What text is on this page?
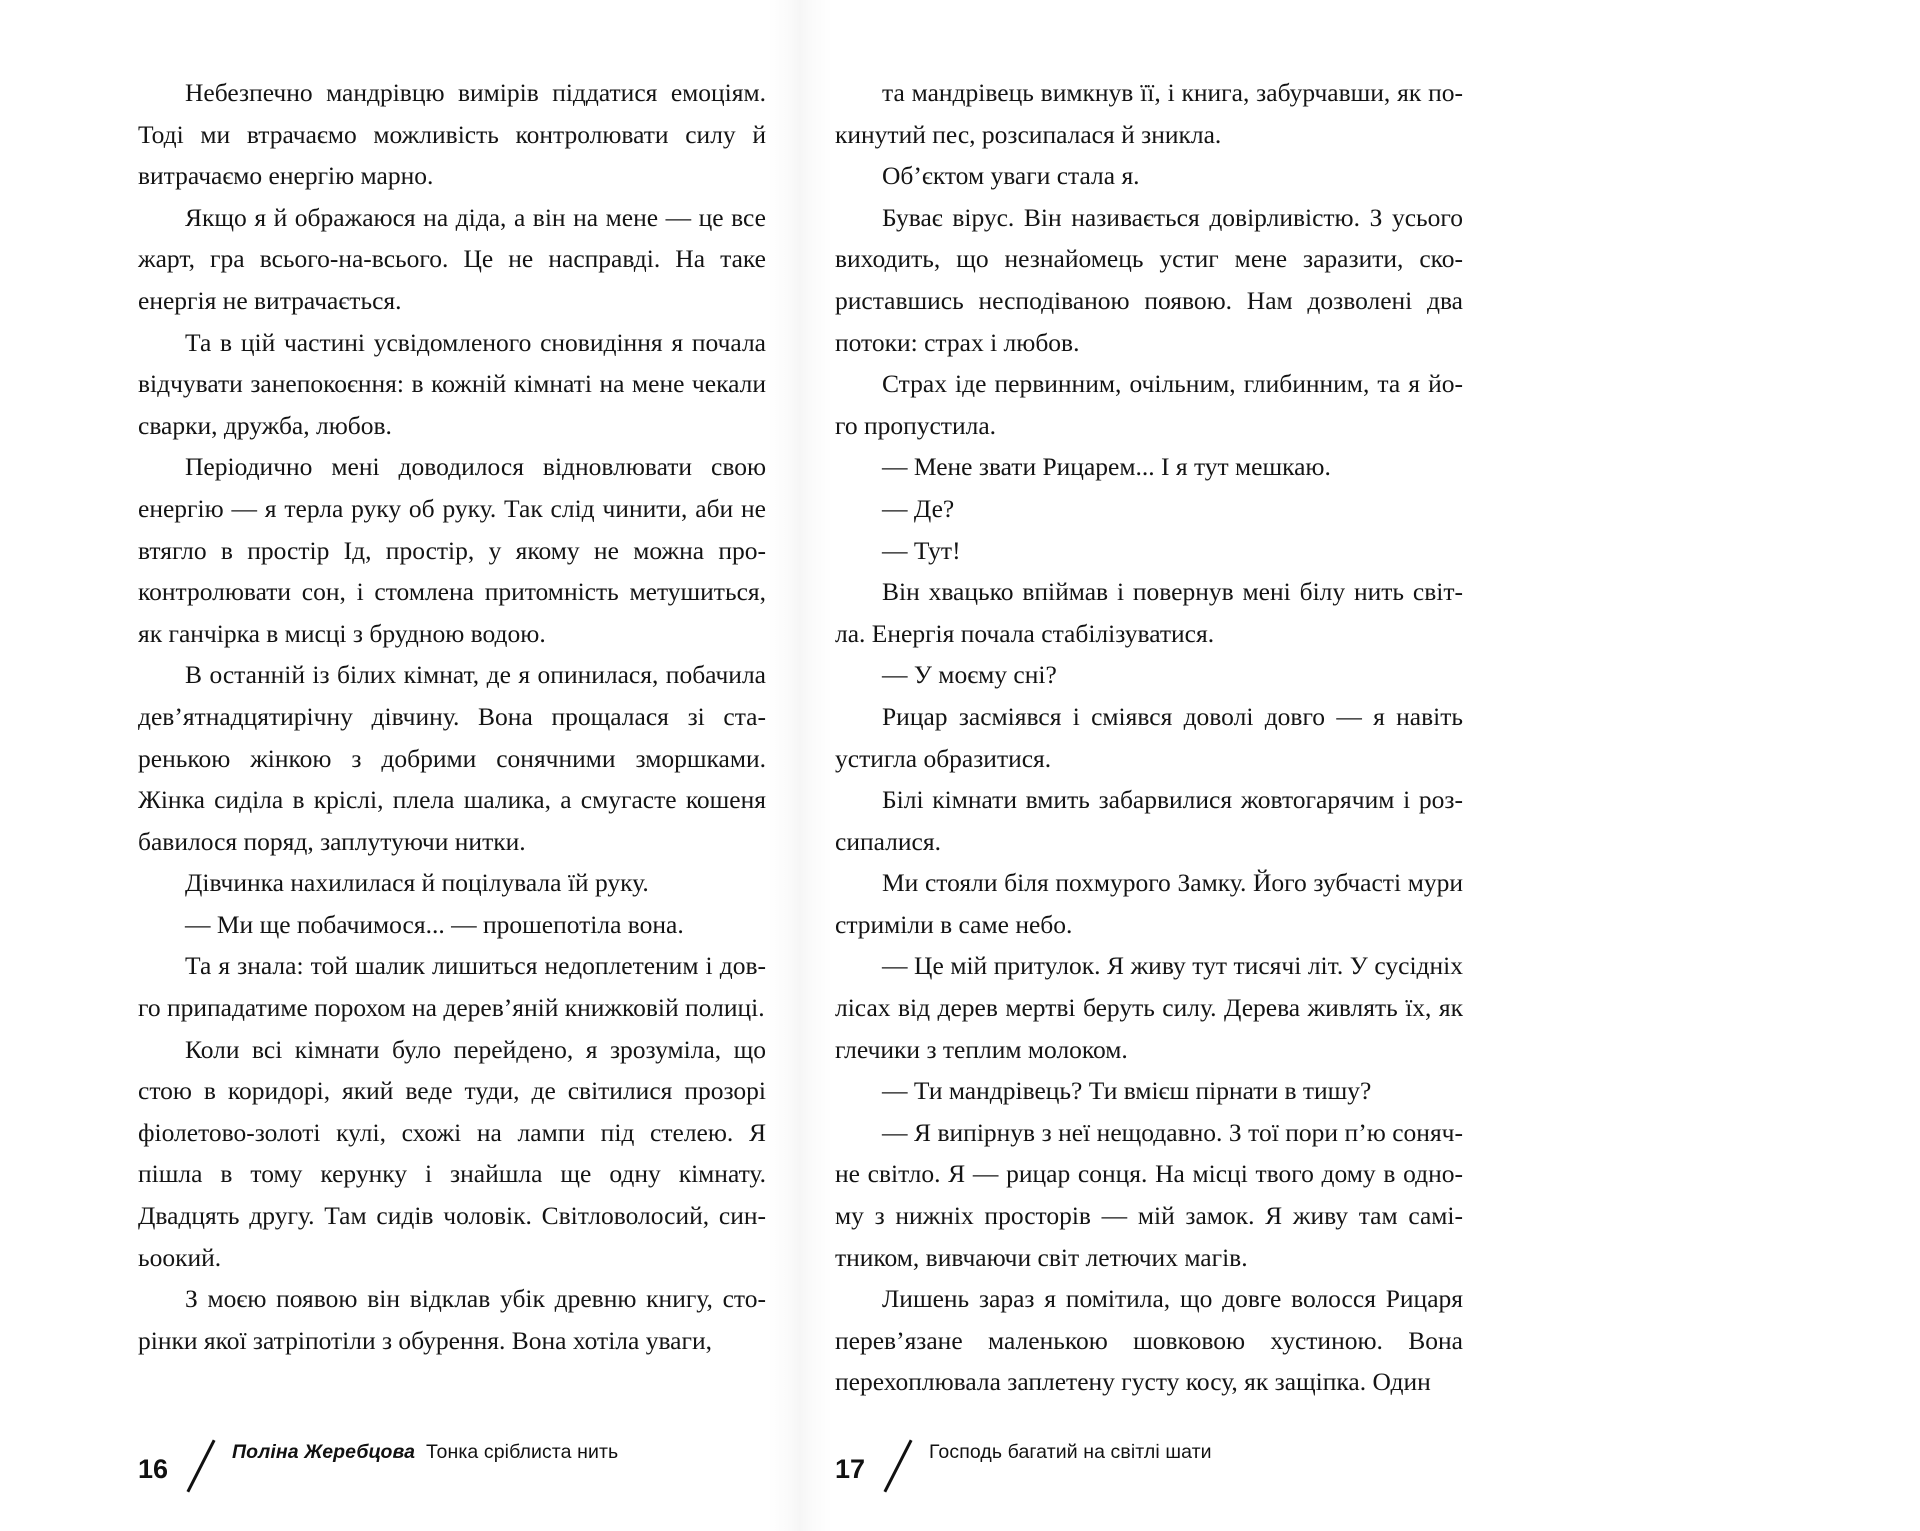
Небезпечно мандрівцю вимірів піддатися емоціям. Тоді ми втрачаємо можливість контролювати силу й витрачаємо енергію марно.

Якщо я й ображаюся на діда, а він на мене — це все жарт, гра всього-на-всього. Це не насправді. На таке енергія не витрачається.

Та в цій частині усвідомленого сновидіння я почала відчувати занепокоєння: в кожній кімнаті на мене чекали сварки, дружба, любов.

Періодично мені доводилося відновлювати свою енергію — я терла руку об руку. Так слід чинити, аби не втягло в простір Ід, простір, у якому не можна проконтролювати сон, і стомлена притомність метушиться, як ганчірка в мисці з брудною водою.

В останній із білих кімнат, де я опинилася, побачила дев’ятнадцятирічну дівчину. Вона прощалася зі старенькою жінкою з добрими сонячними зморшками. Жінка сиділа в кріслі, плела шалика, а смугасте кошеня бавилося поряд, заплутуючи нитки.

Дівчинка нахилилася й поцілувала їй руку.

— Ми ще побачимося... — прошепотіла вона.

Та я знала: той шалик лишиться недоплетеним і довго припадатиме порохом на дерев’яній книжковій полиці.

Коли всі кімнати було перейдено, я зрозуміла, що стою в коридорі, який веде туди, де світилися прозорі фіолетово-золоті кулі, схожі на лампи під стелею. Я пішла в тому керунку і знайшла ще одну кімнату. Двадцять другу. Там сидів чоловік. Світловолосий, синьоокий.

З моєю появою він відклав убік древню книгу, сторінки якої затріпотіли з обурення. Вона хотіла уваги,

16
Поліна Жеребцова Тонка сріблиста нить

та мандрівець вимкнув її, і книга, забурчавши, як покинутий пес, розсипалася й зникла.

Об’єктом уваги стала я.

Буває вірус. Він називається довірливістю. З усього виходить, що незнайомець устиг мене заразити, скориставшись несподіваною появою. Нам дозволені два потоки: страх і любов.

Страх іде первинним, очільним, глибинним, та я його пропустила.

— Мене звати Рицарем... І я тут мешкаю.

— Де?

— Тут!

Він хвацько впіймав і повернув мені білу нить світла. Енергія почала стабілізуватися.

— У моєму сні?

Рицар засміявся і сміявся доволі довго — я навіть устигла образитися.

Білі кімнати вмить забарвилися жовтогарячим і розсипалися.

Ми стояли біля похмурого Замку. Його зубчасті мури стриміли в саме небо.

— Це мій притулок. Я живу тут тисячі літ. У сусідніх лісах від дерев мертві беруть силу. Дерева живлять їх, як глечики з теплим молоком.

— Ти мандрівець? Ти вмієш пірнати в тишу?

— Я випірнув з неї нещодавно. З тої пори п’ю сонячне світло. Я — рицар сонця. На місці твого дому в одному з нижніх просторів — мій замок. Я живу там самітником, вивчаючи світ летючих магів.

Лишень зараз я помітила, що довге волосся Рицаря перев’язане маленькою шовковою хустиною. Вона перехоплювала заплетену густу косу, як защіпка. Один

17
Господь багатий на світлі шати
